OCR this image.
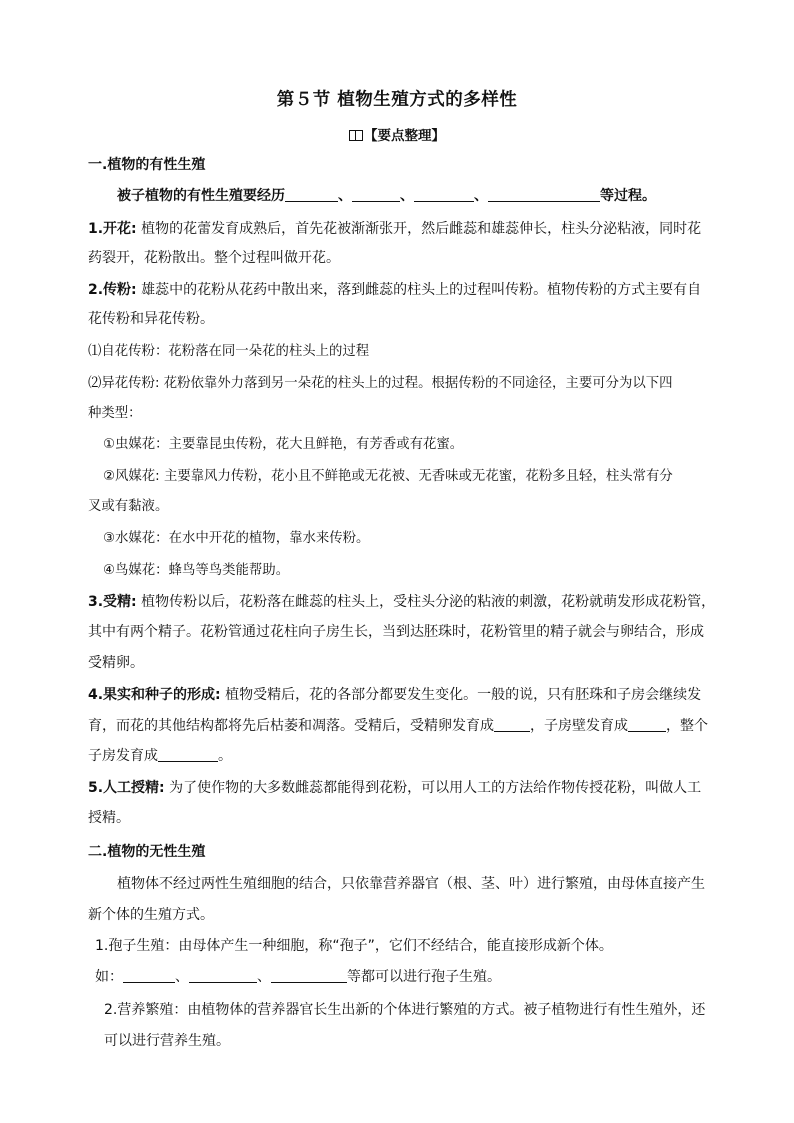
第５节 植物生殖方式的多样性
【要点整理】
一.植物的有性生殖
被子植物的有性生殖要经历	、	、	、	等过程。
1.开花: 植物的花蕾发育成熟后，首先花被渐渐张开，然后雌蕊和雄蕊伸长，柱头分泌粘液，同时花
药裂开，花粉散出。整个过程叫做开花。
2.传粉: 雄蕊中的花粉从花药中散出来，落到雌蕊的柱头上的过程叫传粉。植物传粉的方式主要有自
花传粉和异花传粉。
⑴自花传粉：花粉落在同一朵花的柱头上的过程
⑵异花传粉: 花粉依靠外力落到另一朵花的柱头上的过程。根据传粉的不同途径，主要可分为以下四
种类型：
①虫媒花：主要靠昆虫传粉，花大且鲜艳，有芳香或有花蜜。
②风媒花: 主要靠风力传粉，花小且不鲜艳或无花被、无香味或无花蜜，花粉多且轻，柱头常有分
叉或有黏液。
③水媒花：在水中开花的植物，靠水来传粉。
④鸟媒花：蜂鸟等鸟类能帮助。
3.受精: 植物传粉以后，花粉落在雌蕊的柱头上，受柱头分泌的粘液的刺激，花粉就萌发形成花粉管，
其中有两个精子。花粉管通过花柱向子房生长，当到达胚珠时，花粉管里的精子就会与卵结合，形成
受精卵。
4.果实和种子的形成: 植物受精后，花的各部分都要发生变化。一般的说，只有胚珠和子房会继续发
育，而花的其他结构都将先后枯萎和凋落。受精后，受精卵发育成	，子房壁发育成	，整个
子房发育成	。
5.人工授精: 为了使作物的大多数雌蕊都能得到花粉，可以用人工的方法给作物传授花粉，叫做人工
授精。
二.植物的无性生殖
植物体不经过两性生殖细胞的结合，只依靠营养器官（根、茎、叶）进行繁殖，由母体直接产生
新个体的生殖方式。
1.孢子生殖：由母体产生一种细胞，称“孢子”，它们不经结合，能直接形成新个体。
如：	、	、	等都可以进行孢子生殖。
2.营养繁殖：由植物体的营养器官长生出新的个体进行繁殖的方式。被子植物进行有性生殖外，还
可以进行营养生殖。
